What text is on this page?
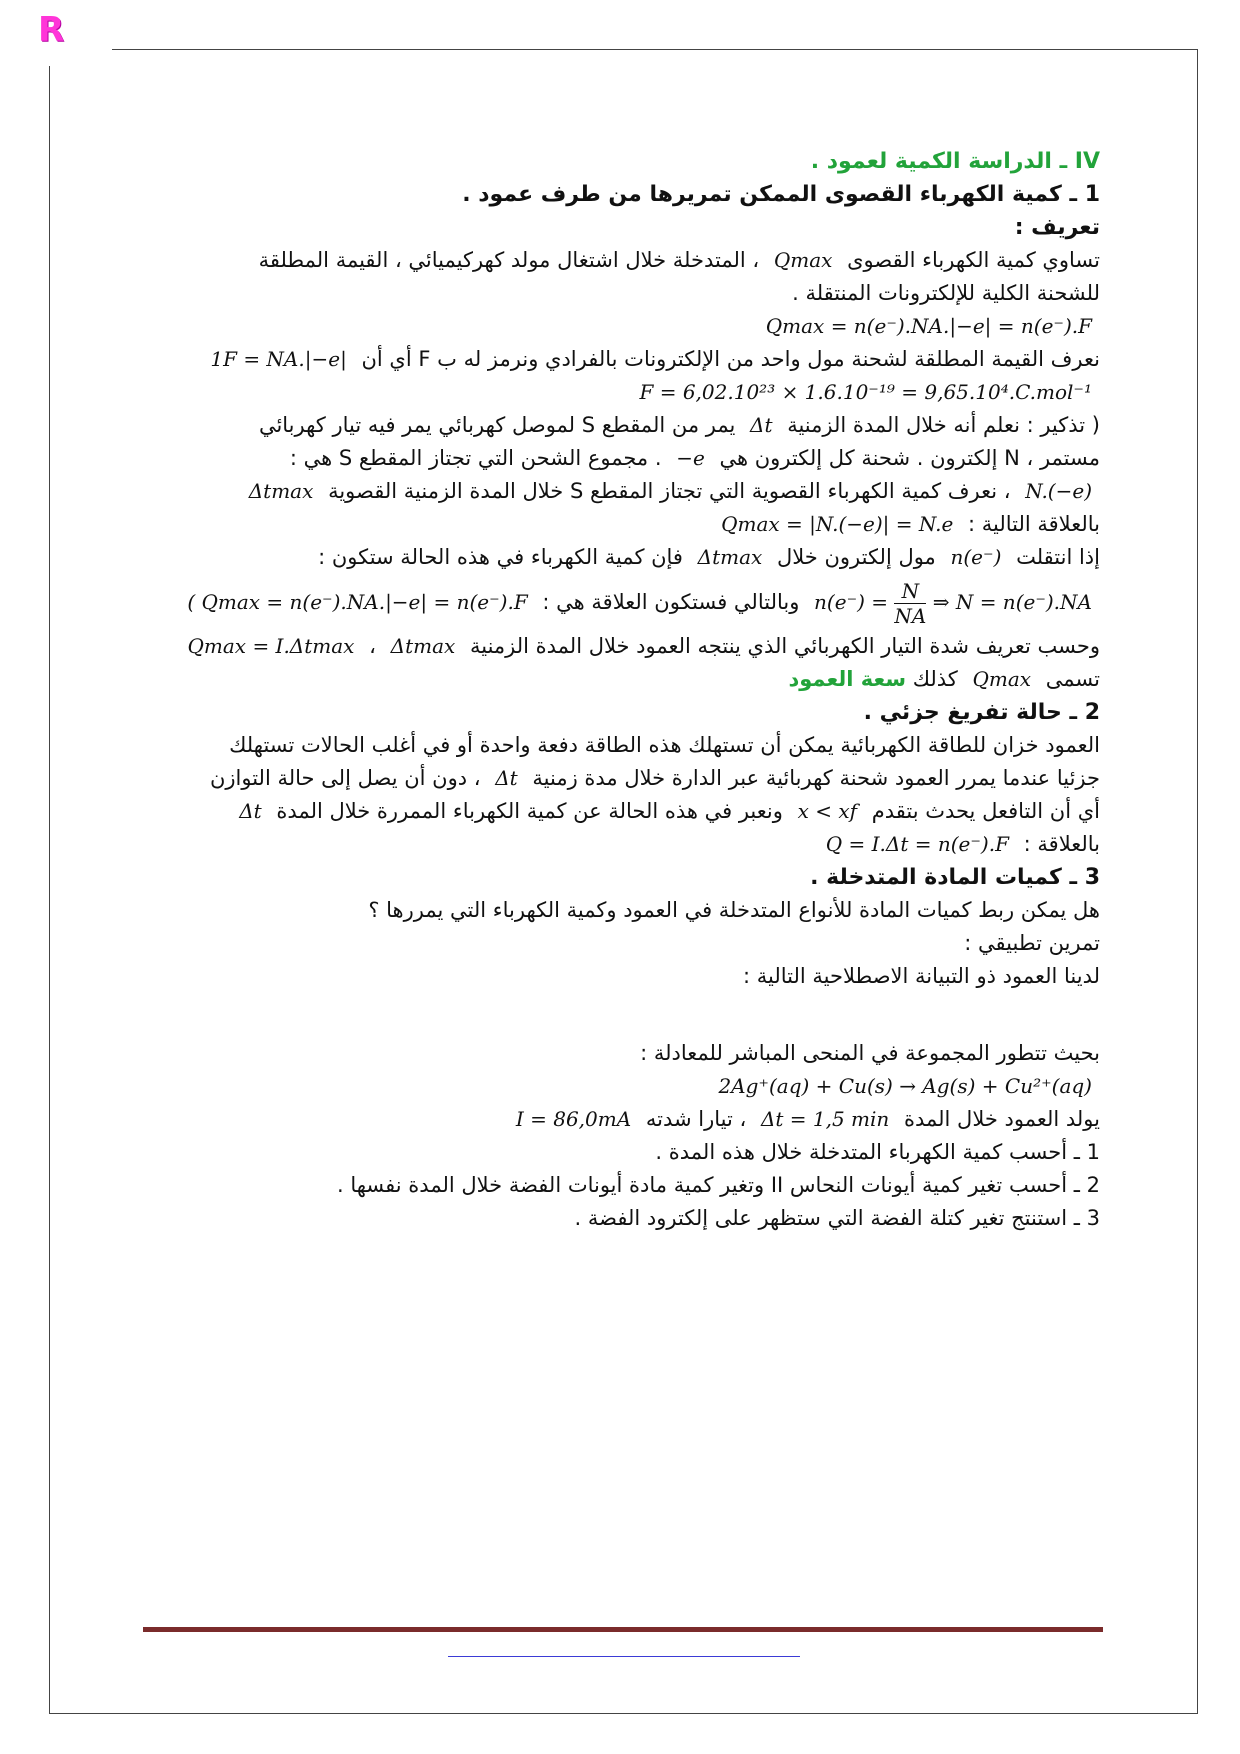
R
IV ـ الدراسة الكمية لعمود .
1 ـ كمية الكهرباء القصوى الممكن تمريرها من طرف عمود .
تعريف :
تساوي كمية الكهرباء القصوى Qmax ، المتدخلة خلال اشتغال مولد كهركيميائي ، القيمة المطلقة
للشحنة الكلية للإلكترونات المنتقلة .
Qmax = n(e⁻).NA.|−e| = n(e⁻).F
نعرف القيمة المطلقة لشحنة مول واحد من الإلكترونات بالفرادي ونرمز له ب F أي أن 1F = NA.|−e|
F = 6,02.10²³ × 1.6.10⁻¹⁹ = 9,65.10⁴.C.mol⁻¹
( تذكير : نعلم أنه خلال المدة الزمنية Δt يمر من المقطع S لموصل كهربائي يمر فيه تيار كهربائي
مستمر ، N إلكترون . شحنة كل إلكترون هي −e . مجموع الشحن التي تجتاز المقطع S هي :
N.(−e) ، نعرف كمية الكهرباء القصوية التي تجتاز المقطع S خلال المدة الزمنية القصوية Δtmax
بالعلاقة التالية : Qmax = |N.(−e)| = N.e
إذا انتقلت n(e⁻) مول إلكترون خلال Δtmax فإن كمية الكهرباء في هذه الحالة ستكون :
$n(e^-) = \frac{N}{NA}$ ⇒ N = n(e⁻).NA وبالتالي فستكون العلاقة هي : ( Qmax = n(e⁻).NA.|−e| = n(e⁻).F
وحسب تعريف شدة التيار الكهربائي الذي ينتجه العمود خلال المدة الزمنية Δtmax ، Qmax = I.Δtmax
تسمى Qmax كذلك سعة العمود
2 ـ حالة تفريغ جزئي .
العمود خزان للطاقة الكهربائية يمكن أن تستهلك هذه الطاقة دفعة واحدة أو في أغلب الحالات تستهلك
جزئيا عندما يمرر العمود شحنة كهربائية عبر الدارة خلال مدة زمنية Δt ، دون أن يصل إلى حالة التوازن
أي أن التافعل يحدث بتقدم x < xf ونعبر في هذه الحالة عن كمية الكهرباء الممررة خلال المدة Δt
بالعلاقة : Q = I.Δt = n(e⁻).F
3 ـ كميات المادة المتدخلة .
هل يمكن ربط كميات المادة للأنواع المتدخلة في العمود وكمية الكهرباء التي يمررها ؟
تمرين تطبيقي :
لدينا العمود ذو التبيانة الاصطلاحية التالية :
بحيث تتطور المجموعة في المنحى المباشر للمعادلة :
2Ag⁺(aq) + Cu(s) → Ag(s) + Cu²⁺(aq)
يولد العمود خلال المدة Δt = 1,5 min ، تيارا شدته I = 86,0mA
1 ـ أحسب كمية الكهرباء المتدخلة خلال هذه المدة .
2 ـ أحسب تغير كمية أيونات النحاس II وتغير كمية مادة أيونات الفضة خلال المدة نفسها .
3 ـ استنتج تغير كتلة الفضة التي ستظهر على إلكترود الفضة .
